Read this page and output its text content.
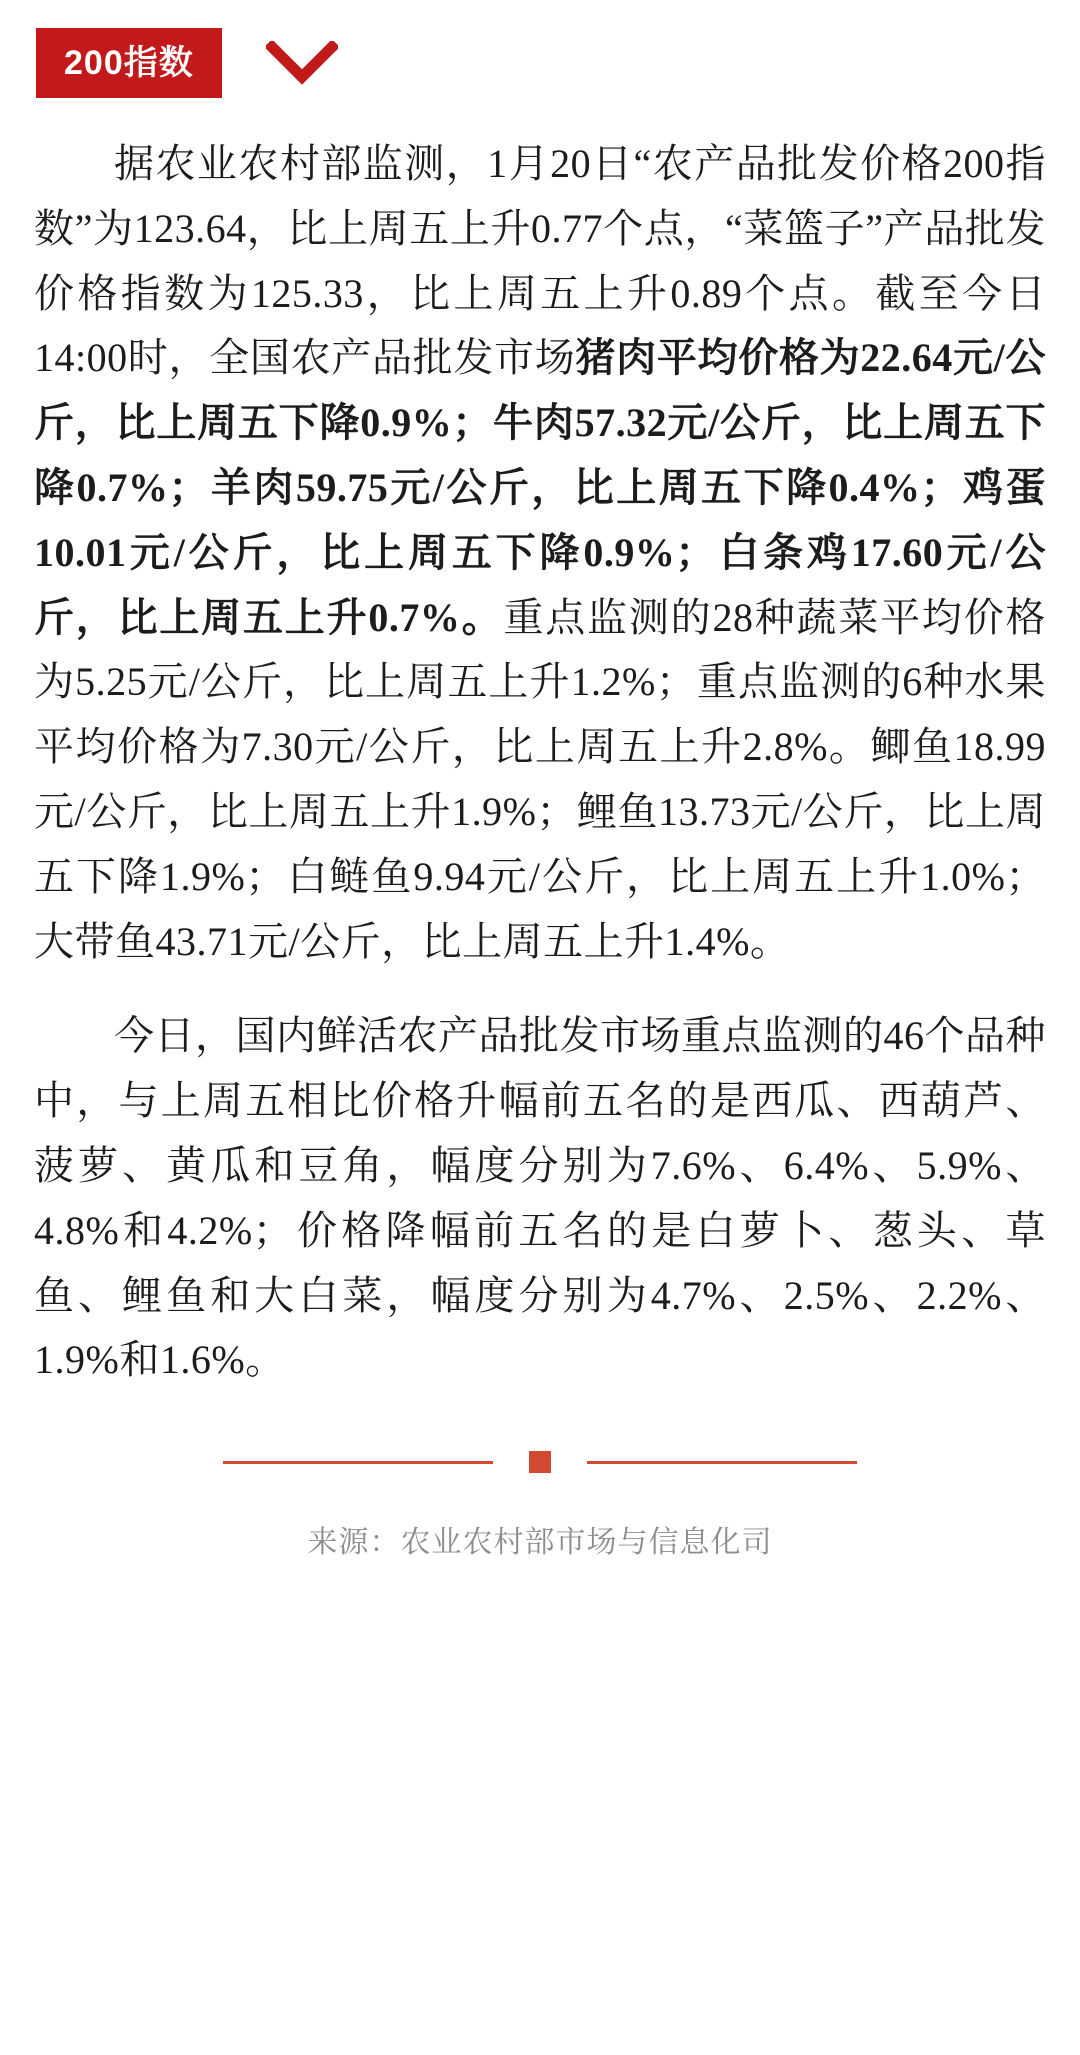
200指数

据农业农村部监测，1月20日“农产品批发价格200指数”为123.64，比上周五上升0.77个点，“菜篮子”产品批发价格指数为125.33，比上周五上升0.89个点。截至今日14:00时，全国农产品批发市场猪肉平均价格为22.64元/公斤，比上周五下降0.9%；牛肉57.32元/公斤，比上周五下降0.7%；羊肉59.75元/公斤，比上周五下降0.4%；鸡蛋10.01元/公斤，比上周五下降0.9%；白条鸡17.60元/公斤，比上周五上升0.7%。重点监测的28种蔬菜平均价格为5.25元/公斤，比上周五上升1.2%；重点监测的6种水果平均价格为7.30元/公斤，比上周五上升2.8%。鲫鱼18.99元/公斤，比上周五上升1.9%；鲤鱼13.73元/公斤，比上周五下降1.9%；白鲢鱼9.94元/公斤，比上周五上升1.0%；大带鱼43.71元/公斤，比上周五上升1.4%。

今日，国内鲜活农产品批发市场重点监测的46个品种中，与上周五相比价格升幅前五名的是西瓜、西葫芦、菠萝、黄瓜和豆角，幅度分别为7.6%、6.4%、5.9%、4.8%和4.2%；价格降幅前五名的是白萝卜、葱头、草鱼、鲤鱼和大白菜，幅度分别为4.7%、2.5%、2.2%、1.9%和1.6%。

来源：农业农村部市场与信息化司
